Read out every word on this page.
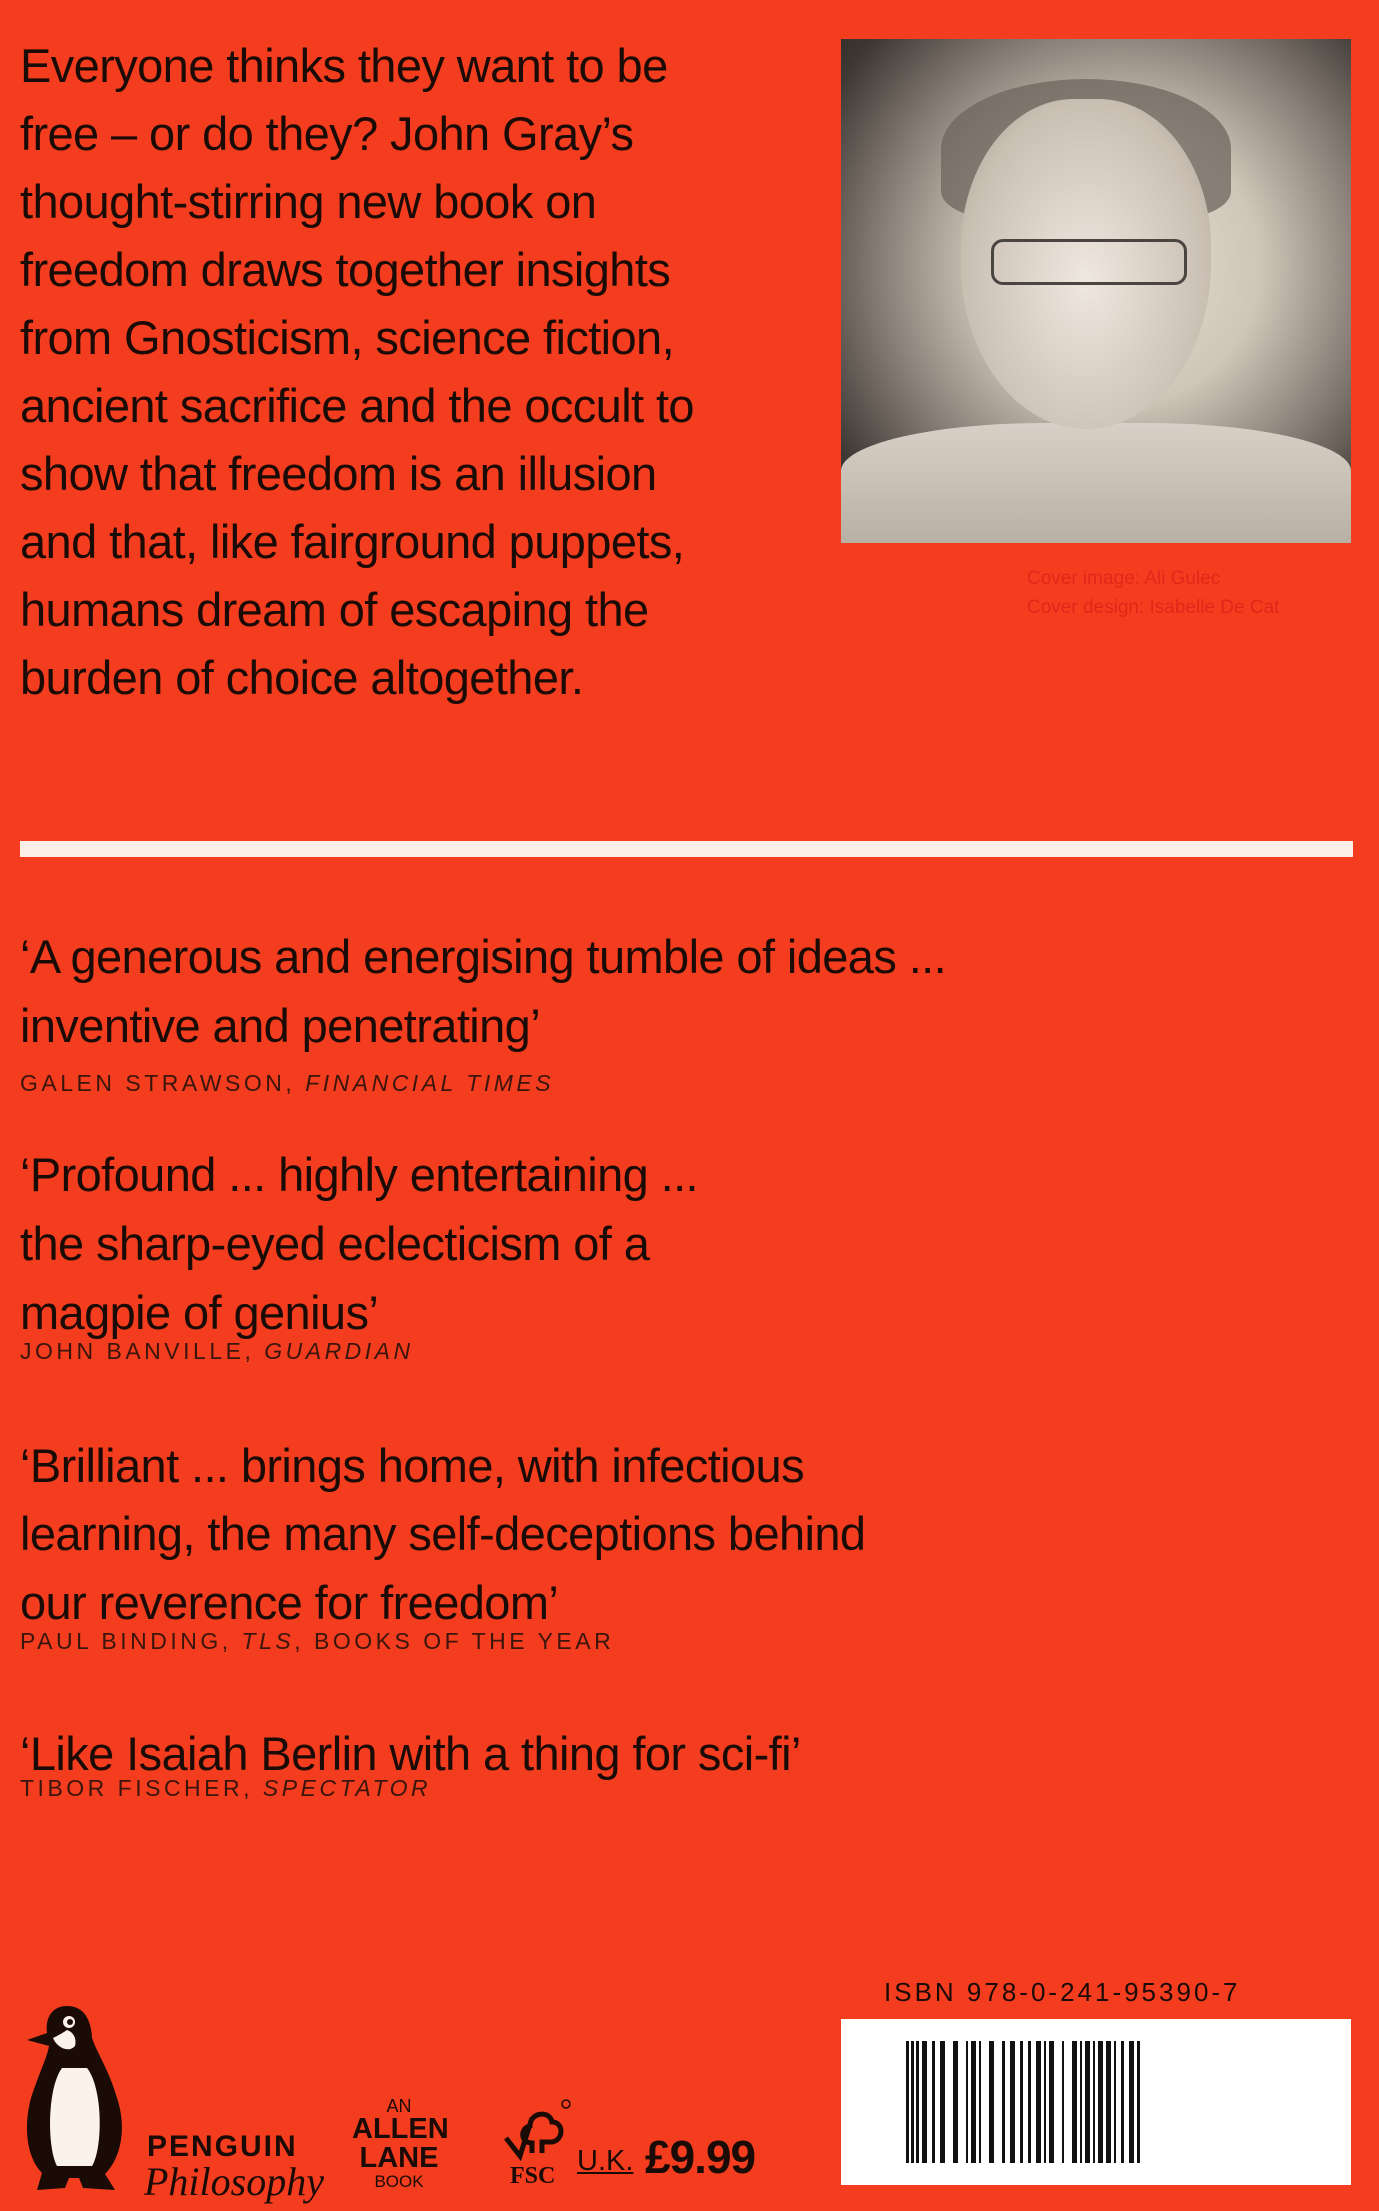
Everyone thinks they want to be
free – or do they? John Gray’s
thought-stirring new book on
freedom draws together insights
from Gnosticism, science fiction,
ancient sacrifice and the occult to
show that freedom is an illusion
and that, like fairground puppets,
humans dream of escaping the
burden of choice altogether.
Cover image: Ali Gulec
Cover design: Isabelle De Cat
‘A generous and energising tumble of ideas ...
inventive and penetrating’
GALEN STRAWSON, FINANCIAL TIMES
‘Profound ... highly entertaining ...
the sharp-eyed eclecticism of a
magpie of genius’
JOHN BANVILLE, GUARDIAN
‘Brilliant ... brings home, with infectious
learning, the many self-deceptions behind
our reverence for freedom’
PAUL BINDING, TLS, BOOKS OF THE YEAR
‘Like Isaiah Berlin with a thing for sci-fi’
TIBOR FISCHER, SPECTATOR
ISBN 978-0-241-95390-7
PENGUIN
Philosophy
AN
ALLEN
LANE
BOOK	FSC U.K. £9.99
